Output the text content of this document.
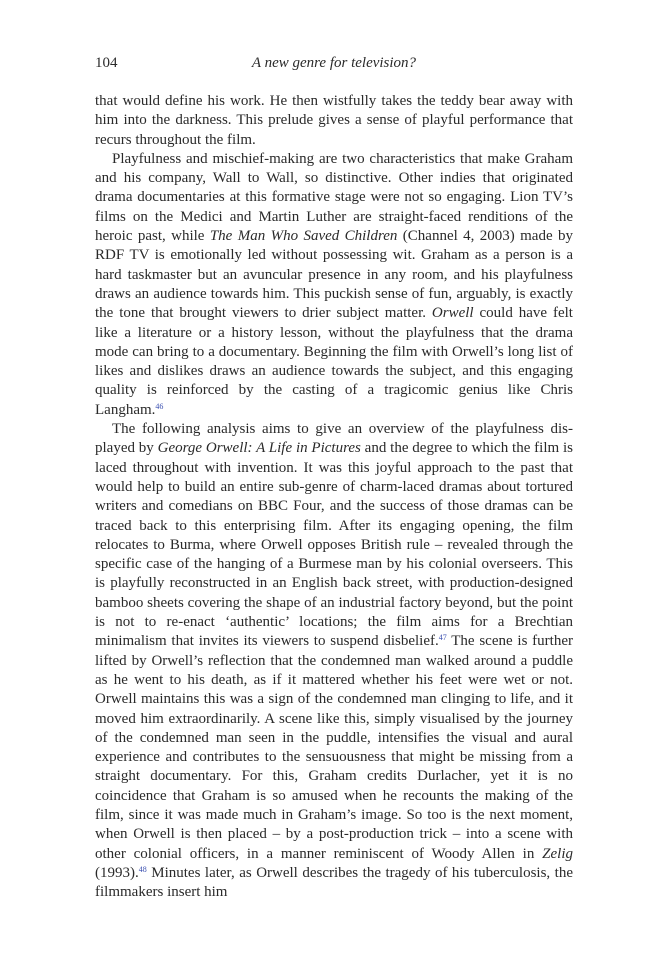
104	A new genre for television?

that would define his work. He then wistfully takes the teddy bear away with him into the darkness. This prelude gives a sense of playful performance that recurs throughout the film.

Playfulness and mischief-making are two characteristics that make Graham and his company, Wall to Wall, so distinctive. Other indies that originated drama documentaries at this formative stage were not so engaging. Lion TV’s films on the Medici and Martin Luther are straight-faced renditions of the heroic past, while The Man Who Saved Children (Channel 4, 2003) made by RDF TV is emotionally led without possessing wit. Graham as a person is a hard taskmaster but an avuncular presence in any room, and his playfulness draws an audience towards him. This puckish sense of fun, arguably, is exactly the tone that brought viewers to drier subject matter. Orwell could have felt like a literature or a history lesson, without the playfulness that the drama mode can bring to a documentary. Beginning the film with Orwell’s long list of likes and dislikes draws an audience towards the subject, and this engaging quality is reinforced by the casting of a tragicomic genius like Chris Langham.$^{46}$

The following analysis aims to give an overview of the playfulness displayed by George Orwell: A Life in Pictures and the degree to which the film is laced throughout with invention. It was this joyful approach to the past that would help to build an entire sub-genre of charm-laced dramas about tortured writers and comedians on BBC Four, and the success of those dramas can be traced back to this enterprising film. After its engaging opening, the film relocates to Burma, where Orwell opposes British rule – revealed through the specific case of the hanging of a Burmese man by his colonial overseers. This is playfully reconstructed in an English back street, with production-designed bamboo sheets covering the shape of an industrial factory beyond, but the point is not to re-enact ‘authentic’ locations; the film aims for a Brechtian minimalism that invites its viewers to suspend disbelief.$^{47}$ The scene is further lifted by Orwell’s reflection that the condemned man walked around a puddle as he went to his death, as if it mattered whether his feet were wet or not. Orwell maintains this was a sign of the condemned man clinging to life, and it moved him extraordinarily. A scene like this, simply visualised by the journey of the condemned man seen in the puddle, intensifies the visual and aural experience and contributes to the sensuousness that might be missing from a straight documentary. For this, Graham credits Durlacher, yet it is no coincidence that Graham is so amused when he recounts the making of the film, since it was made much in Graham’s image. So too is the next moment, when Orwell is then placed – by a post-production trick – into a scene with other colonial officers, in a manner reminiscent of Woody Allen in Zelig (1993).$^{48}$ Minutes later, as Orwell describes the tragedy of his tuberculosis, the filmmakers insert him
